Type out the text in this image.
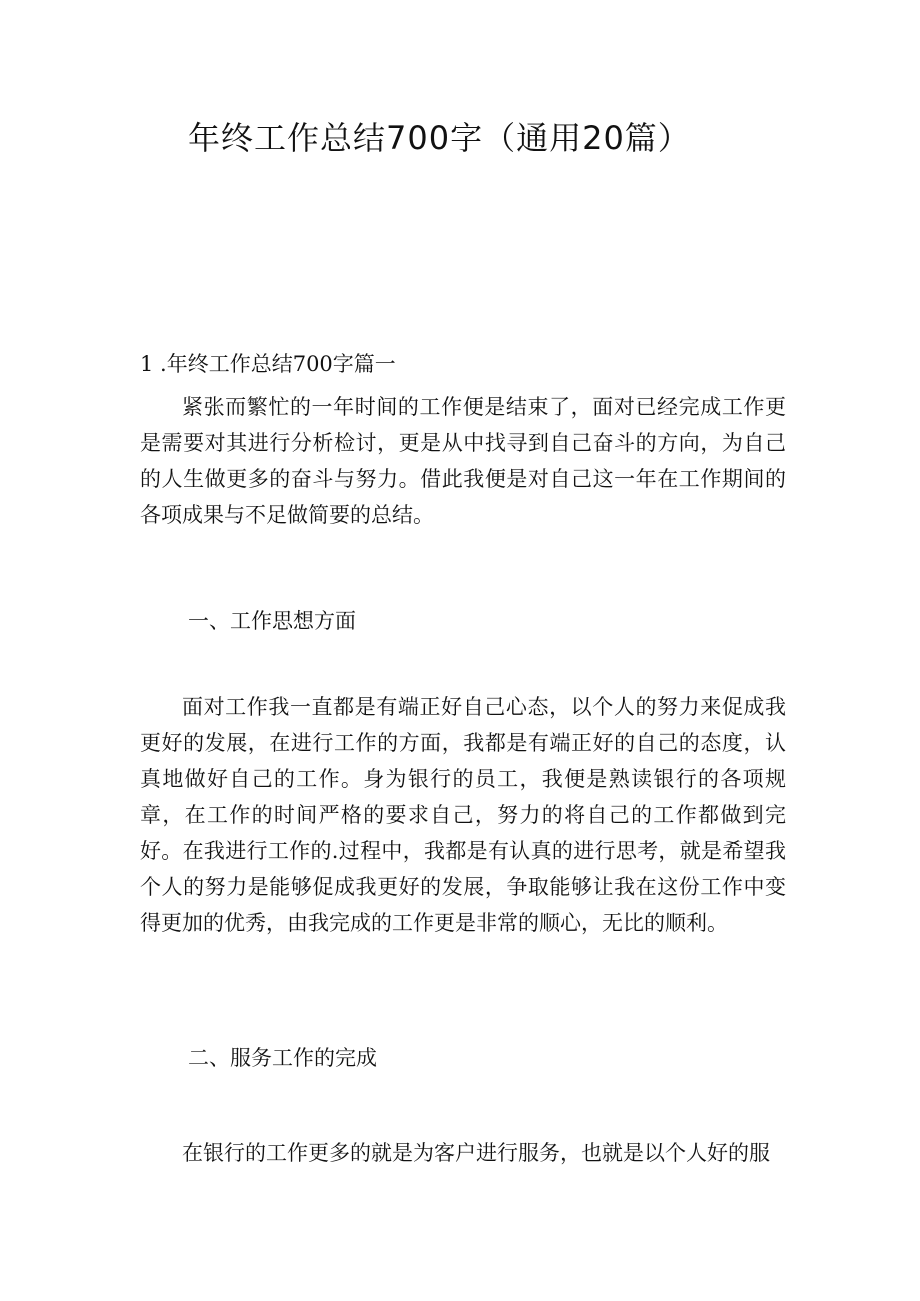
年终工作总结700字（通用20篇）
1 .年终工作总结700字篇一

紧张而繁忙的一年时间的工作便是结束了，面对已经完成工作更是需要对其进行分析检讨，更是从中找寻到自己奋斗的方向，为自己的人生做更多的奋斗与努力。借此我便是对自己这一年在工作期间的各项成果与不足做简要的总结。

一、工作思想方面

面对工作我一直都是有端正好自己心态，以个人的努力来促成我更好的发展，在进行工作的方面，我都是有端正好的自己的态度，认真地做好自己的工作。身为银行的员工，我便是熟读银行的各项规章，在工作的时间严格的要求自己，努力的将自己的工作都做到完好。在我进行工作的.过程中，我都是有认真的进行思考，就是希望我个人的努力是能够促成我更好的发展，争取能够让我在这份工作中变得更加的优秀，由我完成的工作更是非常的顺心，无比的顺利。

二、服务工作的完成

在银行的工作更多的就是为客户进行服务，也就是以个人好的服
